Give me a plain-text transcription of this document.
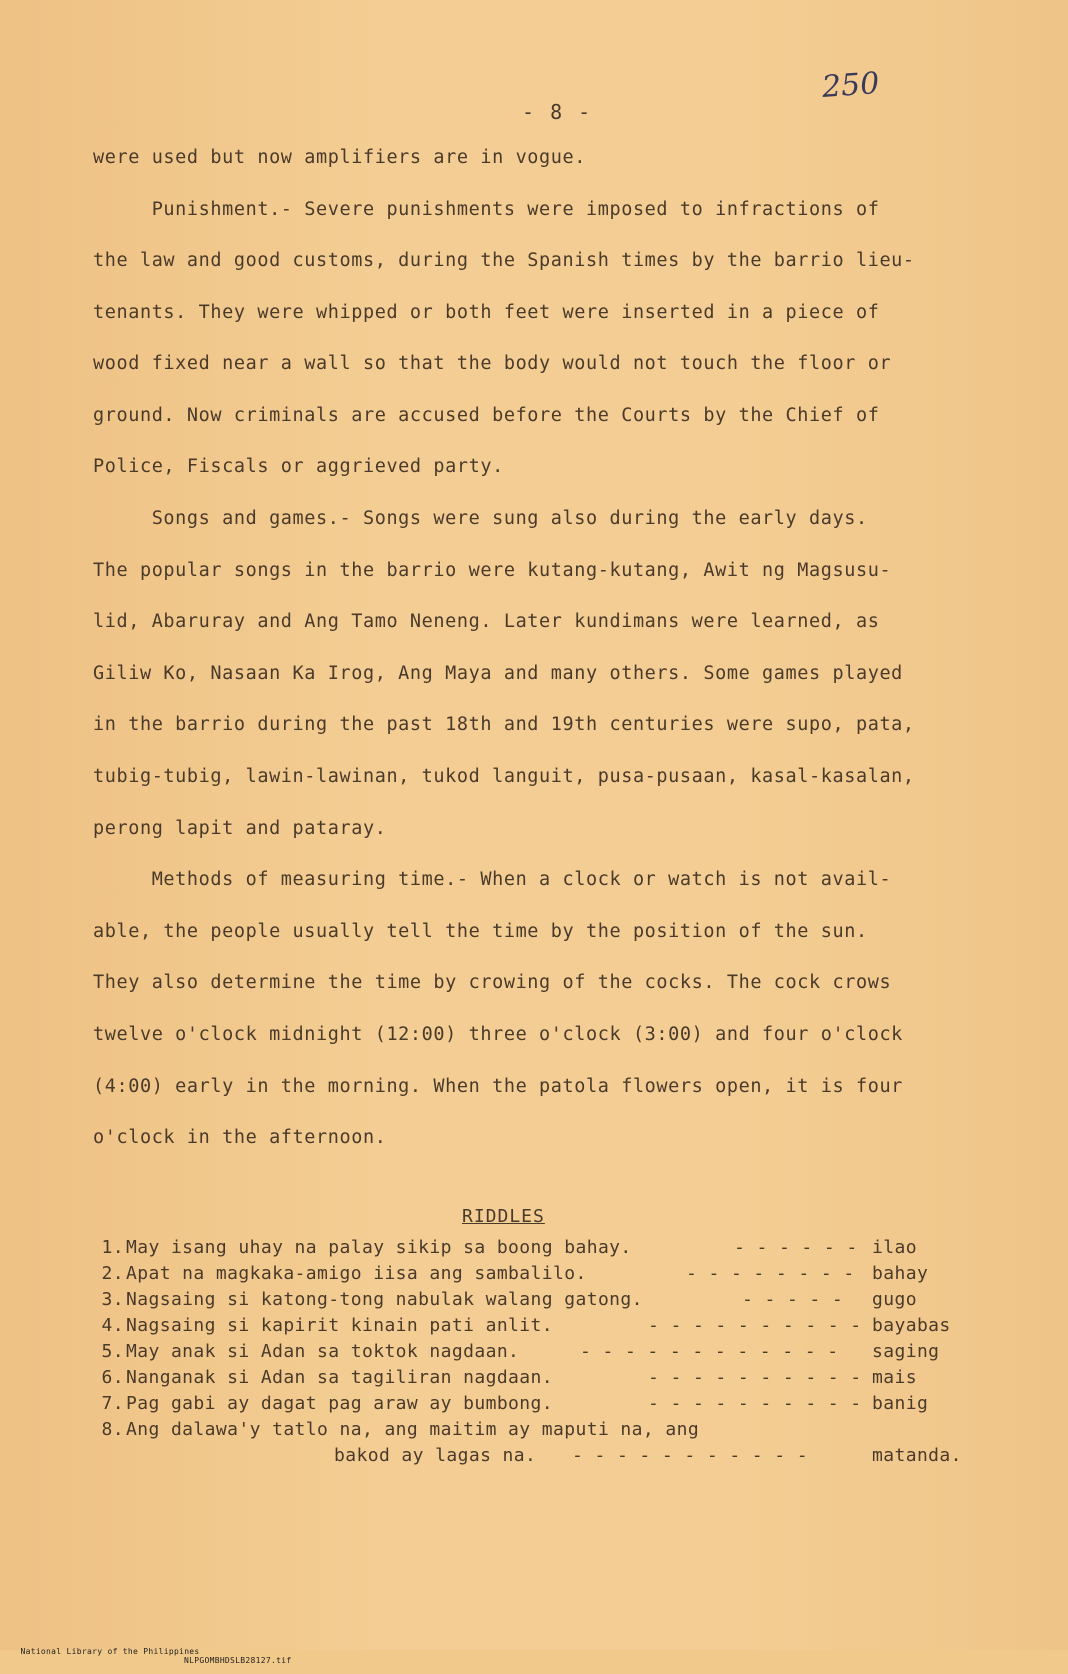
250
- 8 -
were used but now amplifiers are in vogue.
Punishment.- Severe punishments were imposed to infractions of
the law and good customs, during the Spanish times by the barrio lieu-
tenants. They were whipped or both feet were inserted in a piece of
wood fixed near a wall so that the body would not touch the floor or
ground. Now criminals are accused before the Courts by the Chief of
Police, Fiscals or aggrieved party.
Songs and games.- Songs were sung also during the early days.
The popular songs in the barrio were kutang-kutang, Awit ng Magsusu-
lid, Abaruray and Ang Tamo Neneng. Later kundimans were learned, as
Giliw Ko, Nasaan Ka Irog, Ang Maya and many others. Some games played
in the barrio during the past 18th and 19th centuries were supo, pata,
tubig-tubig, lawin-lawinan, tukod languit, pusa-pusaan, kasal-kasalan,
perong lapit and pataray.
Methods of measuring time.- When a clock or watch is not avail-
able, the people usually tell the time by the position of the sun.
They also determine the time by crowing of the cocks. The cock crows
twelve o'clock midnight (12:00) three o'clock (3:00) and four o'clock
(4:00) early in the morning. When the patola flowers open, it is four
o'clock in the afternoon.
RIDDLES
1. May isang uhay na palay sikip sa boong bahay.	- - - - - - ilao
2. Apat na magkaka-amigo iisa ang sambalilo.	- - - - - - - - bahay
3. Nagsaing si katong-tong nabulak walang gatong.	- - - - - gugo
4. Nagsaing si kapirit kinain pati anlit.	- - - - - - - - - - bayabas
5. May anak si Adan sa toktok nagdaan.	- - - - - - - - - - - - saging
6. Nanganak si Adan sa tagiliran nagdaan.	- - - - - - - - - - mais
7. Pag gabi ay dagat pag araw ay bumbong.	- - - - - - - - - - banig
8. Ang dalawa'y tatlo na, ang maitim ay maputi na, ang
bakod ay lagas na. - - - - - - - - - - -	matanda.

National Library of the Philippines

NLPGOMBHDSLB28127.tif
